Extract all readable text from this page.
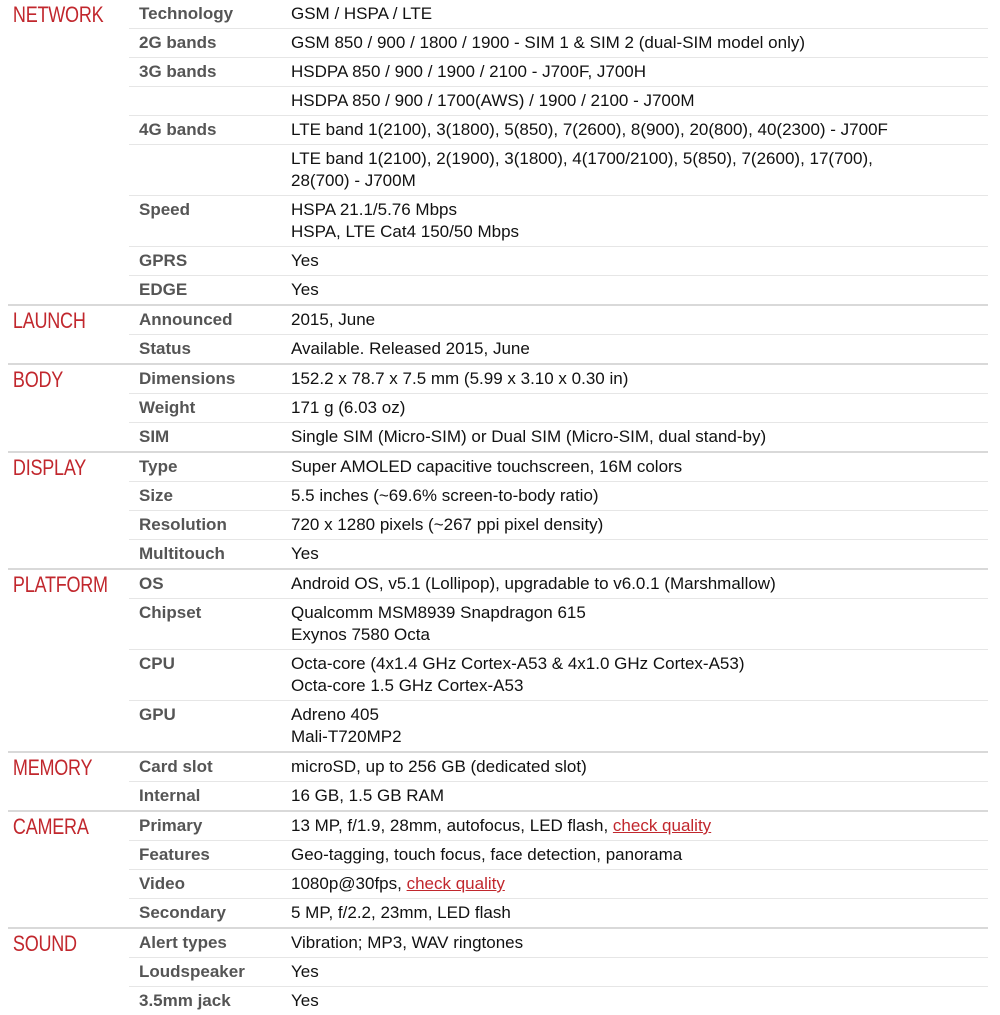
NETWORK	Technology	GSM / HSPA / LTE
2G bands	GSM 850 / 900 / 1800 / 1900 - SIM 1 & SIM 2 (dual-SIM model only)
3G bands	HSDPA 850 / 900 / 1900 / 2100 - J700F, J700H
HSDPA 850 / 900 / 1700(AWS) / 1900 / 2100 - J700M
4G bands	LTE band 1(2100), 3(1800), 5(850), 7(2600), 8(900), 20(800), 40(2300) - J700F
LTE band 1(2100), 2(1900), 3(1800), 4(1700/2100), 5(850), 7(2600), 17(700),
28(700) - J700M
Speed	HSPA 21.1/5.76 Mbps
HSPA, LTE Cat4 150/50 Mbps
GPRS	Yes
EDGE	Yes
LAUNCH	Announced	2015, June
Status	Available. Released 2015, June
BODY	Dimensions	152.2 x 78.7 x 7.5 mm (5.99 x 3.10 x 0.30 in)
Weight	171 g (6.03 oz)
SIM	Single SIM (Micro-SIM) or Dual SIM (Micro-SIM, dual stand-by)
DISPLAY	Type	Super AMOLED capacitive touchscreen, 16M colors
Size	5.5 inches (~69.6% screen-to-body ratio)
Resolution	720 x 1280 pixels (~267 ppi pixel density)
Multitouch	Yes
PLATFORM	OS	Android OS, v5.1 (Lollipop), upgradable to v6.0.1 (Marshmallow)
Chipset	Qualcomm MSM8939 Snapdragon 615
Exynos 7580 Octa
CPU	Octa-core (4x1.4 GHz Cortex-A53 & 4x1.0 GHz Cortex-A53)
Octa-core 1.5 GHz Cortex-A53
GPU	Adreno 405
Mali-T720MP2
MEMORY	Card slot	microSD, up to 256 GB (dedicated slot)
Internal	16 GB, 1.5 GB RAM
CAMERA	Primary	13 MP, f/1.9, 28mm, autofocus, LED flash, check quality
Features	Geo-tagging, touch focus, face detection, panorama
Video	1080p@30fps, check quality
Secondary	5 MP, f/2.2, 23mm, LED flash
SOUND	Alert types	Vibration; MP3, WAV ringtones
Loudspeaker	Yes
3.5mm jack	Yes
